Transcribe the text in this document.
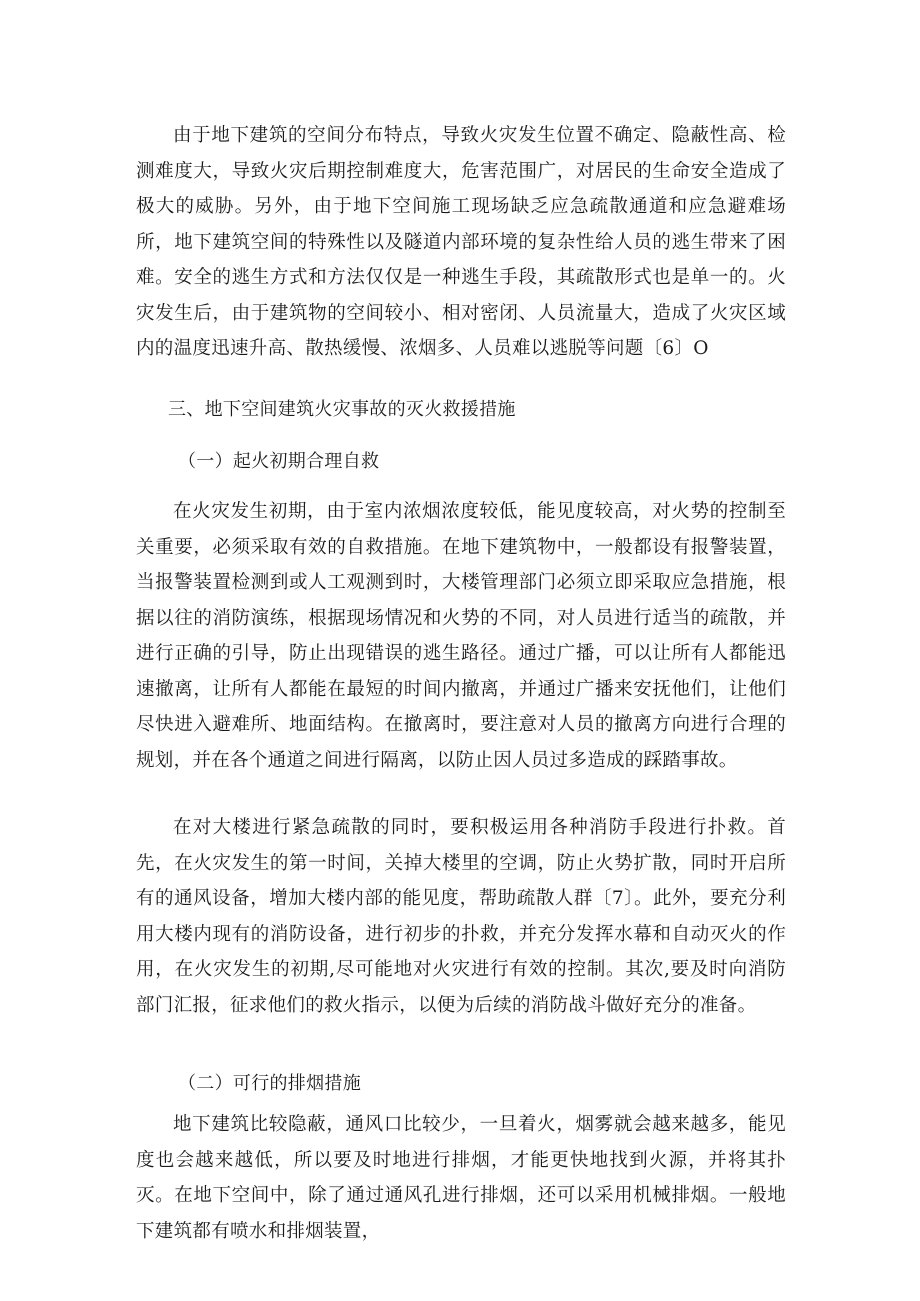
由于地下建筑的空间分布特点，导致火灾发生位置不确定、隐蔽性高、检测难度大，导致火灾后期控制难度大，危害范围广，对居民的生命安全造成了极大的威胁。另外，由于地下空间施工现场缺乏应急疏散通道和应急避难场所，地下建筑空间的特殊性以及隧道内部环境的复杂性给人员的逃生带来了困难。安全的逃生方式和方法仅仅是一种逃生手段，其疏散形式也是单一的。火灾发生后，由于建筑物的空间较小、相对密闭、人员流量大，造成了火灾区域内的温度迅速升高、散热缓慢、浓烟多、人员难以逃脱等问题〔6〕O

三、地下空间建筑火灾事故的灭火救援措施

（一）起火初期合理自救

在火灾发生初期，由于室内浓烟浓度较低，能见度较高，对火势的控制至关重要，必须采取有效的自救措施。在地下建筑物中，一般都设有报警装置，当报警装置检测到或人工观测到时，大楼管理部门必须立即采取应急措施，根据以往的消防演练，根据现场情况和火势的不同，对人员进行适当的疏散，并进行正确的引导，防止出现错误的逃生路径。通过广播，可以让所有人都能迅速撤离，让所有人都能在最短的时间内撤离，并通过广播来安抚他们，让他们尽快进入避难所、地面结构。在撤离时，要注意对人员的撤离方向进行合理的规划，并在各个通道之间进行隔离，以防止因人员过多造成的踩踏事故。

在对大楼进行紧急疏散的同时，要积极运用各种消防手段进行扑救。首先，在火灾发生的第一时间，关掉大楼里的空调，防止火势扩散，同时开启所有的通风设备，增加大楼内部的能见度，帮助疏散人群〔7〕。此外，要充分利用大楼内现有的消防设备，进行初步的扑救，并充分发挥水幕和自动灭火的作用，在火灾发生的初期,尽可能地对火灾进行有效的控制。其次,要及时向消防部门汇报，征求他们的救火指示，以便为后续的消防战斗做好充分的准备。

（二）可行的排烟措施

地下建筑比较隐蔽，通风口比较少，一旦着火，烟雾就会越来越多，能见度也会越来越低，所以要及时地进行排烟，才能更快地找到火源，并将其扑灭。在地下空间中，除了通过通风孔进行排烟，还可以采用机械排烟。一般地下建筑都有喷水和排烟装置，
